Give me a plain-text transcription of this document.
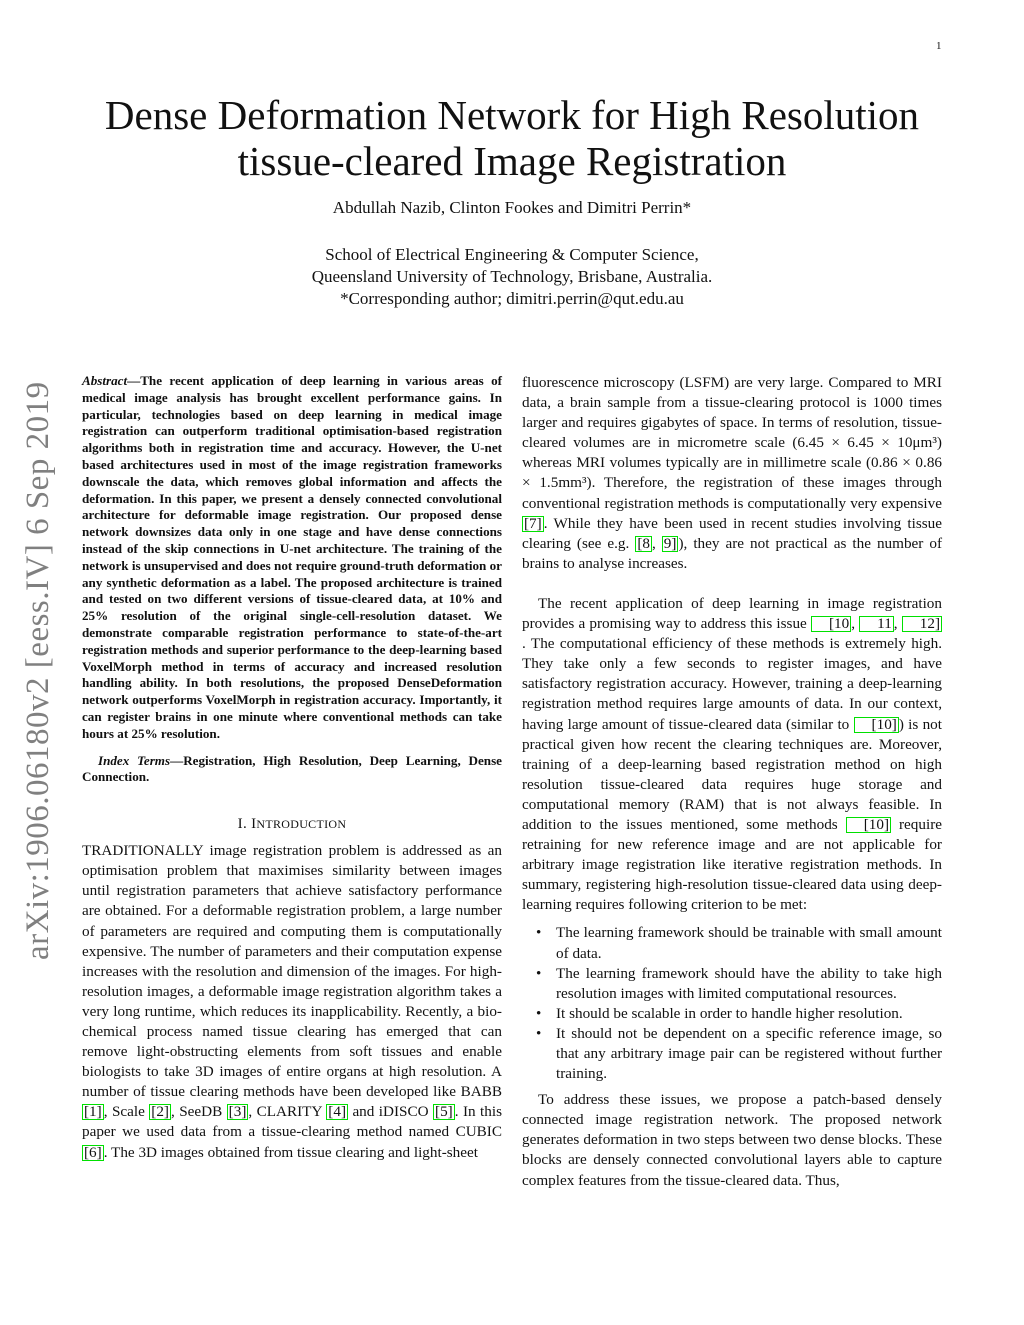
1
arXiv:1906.06180v2 [eess.IV] 6 Sep 2019
Dense Deformation Network for High Resolution
tissue-cleared Image Registration
Abdullah Nazib, Clinton Fookes and Dimitri Perrin*
School of Electrical Engineering & Computer Science,
Queensland University of Technology, Brisbane, Australia.
*Corresponding author; dimitri.perrin@qut.edu.au

Abstract—The recent application of deep learning in various areas of medical image analysis has brought excellent performance gains. In particular, technologies based on deep learning in medical image registration can outperform traditional optimisation-based registration algorithms both in registration time and accuracy. However, the U-net based architectures used in most of the image registration frameworks downscale the data, which removes global information and affects the deformation. In this paper, we present a densely connected convolutional architecture for deformable image registration. Our proposed dense network downsizes data only in one stage and have dense connections instead of the skip connections in U-net architecture. The training of the network is unsupervised and does not require ground-truth deformation or any synthetic deformation as a label. The proposed architecture is trained and tested on two different versions of tissue-cleared data, at 10% and 25% resolution of the original single-cell-resolution dataset. We demonstrate comparable registration performance to state-of-the-art registration methods and superior performance to the deep-learning based VoxelMorph method in terms of accuracy and increased resolution handling ability. In both resolutions, the proposed DenseDeformation network outperforms VoxelMorph in registration accuracy. Importantly, it can register brains in one minute where conventional methods can take hours at 25% resolution.

Index Terms—Registration, High Resolution, Deep Learning, Dense Connection.

I. INTRODUCTION

TRADITIONALLY image registration problem is addressed as an optimisation problem that maximises similarity between images until registration parameters that achieve satisfactory performance are obtained. For a deformable registration problem, a large number of parameters are required and computing them is computationally expensive. The number of parameters and their computation expense increases with the resolution and dimension of the images. For high-resolution images, a deformable image registration algorithm takes a very long runtime, which reduces its inapplicability. Recently, a bio-chemical process named tissue clearing has emerged that can remove light-obstructing elements from soft tissues and enable biologists to take 3D images of entire organs at high resolution. A number of tissue clearing methods have been developed like BABB [1] , Scale [2] , SeeDB [3] , CLARITY [4] and iDISCO [5] . In this paper we used data from a tissue-clearing method named CUBIC [6] . The 3D images obtained from tissue clearing and light-sheet

fluorescence microscopy (LSFM) are very large. Compared to MRI data, a brain sample from a tissue-clearing protocol is 1000 times larger and requires gigabytes of space. In terms of resolution, tissue-cleared volumes are in micrometre scale (6.45 × 6.45 × 10μm³) whereas MRI volumes typically are in millimetre scale (0.86 × 0.86 × 1.5mm³). Therefore, the registration of these images through conventional registration methods is computationally very expensive [7] . While they have been used in recent studies involving tissue clearing (see e.g. [8 , 9] ), they are not practical as the number of brains to analyse increases.

The recent application of deep learning in image registration provides a promising way to address this issue [10 , 11 , 12]. The computational efficiency of these methods is extremely high. They take only a few seconds to register images, and have satisfactory registration accuracy. However, training a deep-learning registration method requires large amounts of data. In our context, having large amount of tissue-cleared data (similar to [10] ) is not practical given how recent the clearing techniques are. Moreover, training of a deep-learning based registration method on high resolution tissue-cleared data requires huge storage and computational memory (RAM) that is not always feasible. In addition to the issues mentioned, some methods [10] require retraining for new reference image and are not applicable for arbitrary image registration like iterative registration methods. In summary, registering high-resolution tissue-cleared data using deep-learning requires following criterion to be met:

• The learning framework should be trainable with small amount of data.
• The learning framework should have the ability to take high resolution images with limited computational resources.
• It should be scalable in order to handle higher resolution.
• It should not be dependent on a specific reference image, so that any arbitrary image pair can be registered without further training.

To address these issues, we propose a patch-based densely connected image registration network. The proposed network generates deformation in two steps between two dense blocks. These blocks are densely connected convolutional layers able to capture complex features from the tissue-cleared data. Thus,
